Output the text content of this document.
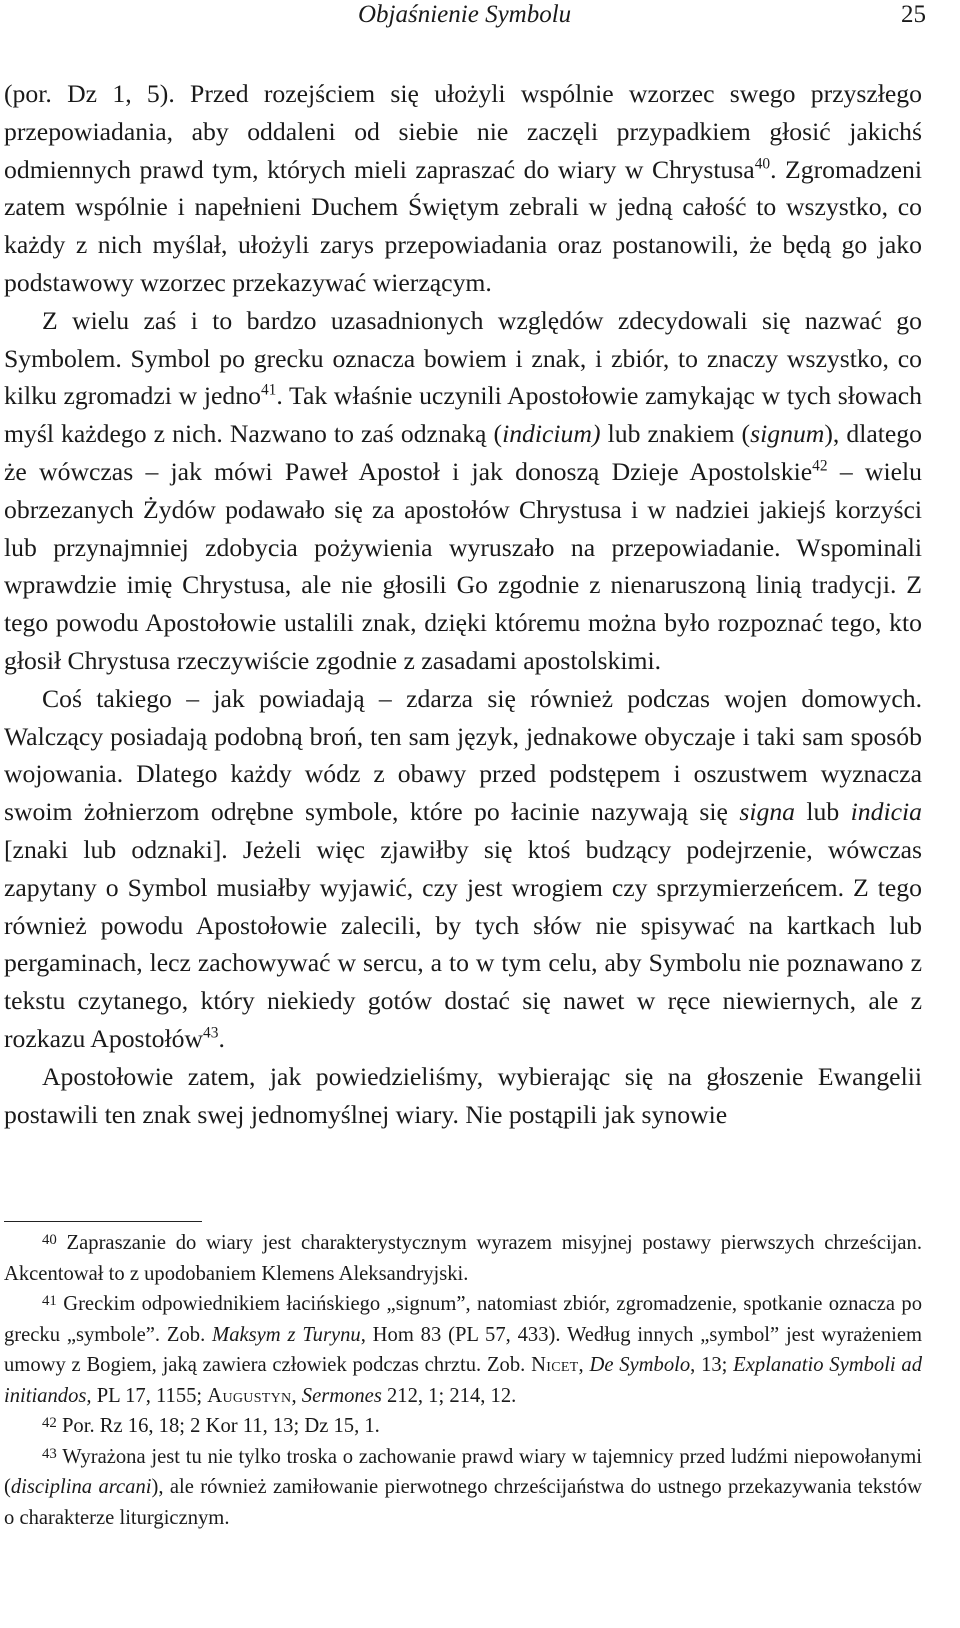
Objaśnienie Symbolu	25

(por. Dz 1, 5). Przed rozejściem się ułożyli wspólnie wzorzec swego przyszłego przepowiadania, aby oddaleni od siebie nie zaczęli przypadkiem głosić jakichś odmiennych prawd tym, których mieli zapraszać do wiary w Chrystusa$^{40}$. Zgromadzeni zatem wspólnie i napełnieni Duchem Świętym zebrali w jedną całość to wszystko, co każdy z nich myślał, ułożyli zarys przepowiadania oraz postanowili, że będą go jako podstawowy wzorzec przekazywać wierzącym.

Z wielu zaś i to bardzo uzasadnionych względów zdecydowali się nazwać go Symbolem. Symbol po grecku oznacza bowiem i znak, i zbiór, to znaczy wszystko, co kilku zgromadzi w jedno$^{41}$. Tak właśnie uczynili Apostołowie zamykając w tych słowach myśl każdego z nich. Nazwano to zaś odznaką (indicium) lub znakiem (signum), dlatego że wówczas – jak mówi Paweł Apostoł i jak donoszą Dzieje Apostolskie$^{42}$ – wielu obrzezanych Żydów podawało się za apostołów Chrystusa i w nadziei jakiejś korzyści lub przynajmniej zdobycia pożywienia wyruszało na przepowiadanie. Wspominali wprawdzie imię Chrystusa, ale nie głosili Go zgodnie z nienaruszoną linią tradycji. Z tego powodu Apostołowie ustalili znak, dzięki któremu można było rozpoznać tego, kto głosił Chrystusa rzeczywiście zgodnie z zasadami apostolskimi.

Coś takiego – jak powiadają – zdarza się również podczas wojen domowych. Walczący posiadają podobną broń, ten sam język, jednakowe obyczaje i taki sam sposób wojowania. Dlatego każdy wódz z obawy przed podstępem i oszustwem wyznacza swoim żołnierzom odrębne symbole, które po łacinie nazywają się signa lub indicia [znaki lub odznaki]. Jeżeli więc zjawiłby się ktoś budzący podejrzenie, wówczas zapytany o Symbol musiałby wyjawić, czy jest wrogiem czy sprzymierzeńcem. Z tego również powodu Apostołowie zalecili, by tych słów nie spisywać na kartkach lub pergaminach, lecz zachowywać w sercu, a to w tym celu, aby Symbolu nie poznawano z tekstu czytanego, który niekiedy gotów dostać się nawet w ręce niewiernych, ale z rozkazu Apostołów$^{43}$.

Apostołowie zatem, jak powiedzieliśmy, wybierając się na głoszenie Ewangelii postawili ten znak swej jednomyślnej wiary. Nie postąpili jak synowie

$^{40}$ Zapraszanie do wiary jest charakterystycznym wyrazem misyjnej postawy pierwszych chrześcijan. Akcentował to z upodobaniem Klemens Aleksandryjski.

$^{41}$ Greckim odpowiednikiem łacińskiego „signum”, natomiast zbiór, zgromadzenie, spotkanie oznacza po grecku „symbole”. Zob. Maksym z Turynu, Hom 83 (PL 57, 433). Według innych „symbol” jest wyrażeniem umowy z Bogiem, jaką zawiera człowiek podczas chrztu. Zob. Nicet, De Symbolo, 13; Explanatio Symboli ad initiandos, PL 17, 1155; Augustyn, Sermones 212, 1; 214, 12.

$^{42}$ Por. Rz 16, 18; 2 Kor 11, 13; Dz 15, 1.

$^{43}$ Wyrażona jest tu nie tylko troska o zachowanie prawd wiary w tajemnicy przed ludźmi niepowołanymi (disciplina arcani), ale również zamiłowanie pierwotnego chrześcijaństwa do ustnego przekazywania tekstów o charakterze liturgicznym.
